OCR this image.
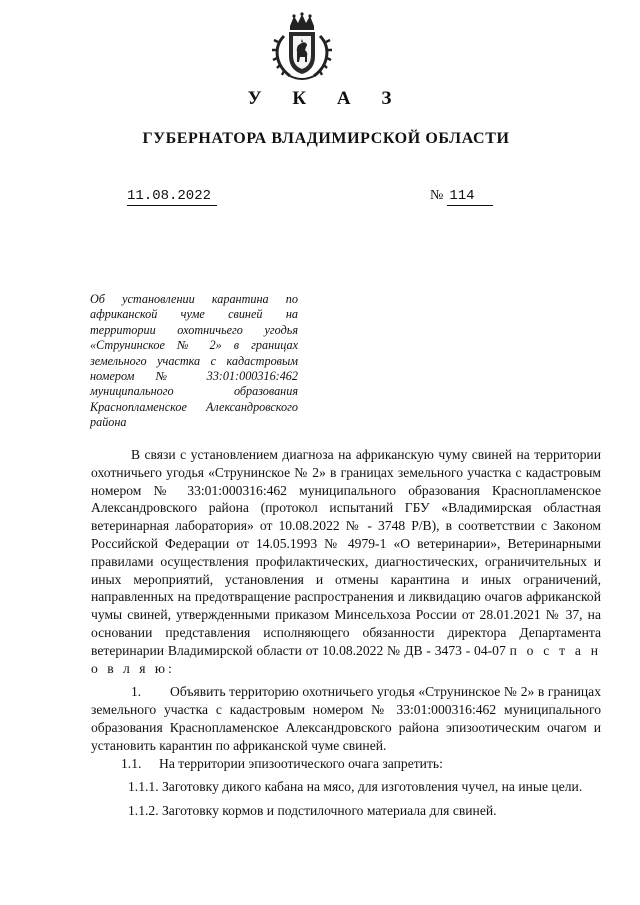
У К А З
ГУБЕРНАТОРА ВЛАДИМИРСКОЙ ОБЛАСТИ
11.08.2022	№ 114
Об установлении карантина по африканской чуме свиней на территории охотничьего угодья «Струнинское № 2» в границах земельного участка с кадастровым номером № 33:01:000316:462 муниципального образования Краснопламенское Александровского района

В связи с установлением диагноза на африканскую чуму свиней на территории охотничьего угодья «Струнинское № 2» в границах земельного участка с кадастровым номером № 33:01:000316:462 муниципального образования Краснопламенское Александровского района (протокол испытаний ГБУ «Владимирская областная ветеринарная лаборатория» от 10.08.2022 № - 3748 Р/В), в соответствии с Законом Российской Федерации от 14.05.1993 № 4979-1 «О ветеринарии», Ветеринарными правилами осуществления профилактических, диагностических, ограничительных и иных мероприятий, установления и отмены карантина и иных ограничений, направленных на предотвращение распространения и ликвидацию очагов африканской чумы свиней, утвержденными приказом Минсельхоза России от 28.01.2021 № 37, на основании представления исполняющего обязанности директора Департамента ветеринарии Владимирской области от 10.08.2022 № ДВ - 3473 - 04-07 п о с т а н о в л я ю:

1. Объявить территорию охотничьего угодья «Струнинское № 2» в границах земельного участка с кадастровым номером № 33:01:000316:462 муниципального образования Краснопламенское Александровского района эпизоотическим очагом и установить карантин по африканской чуме свиней.

1.1. На территории эпизоотического очага запретить:

1.1.1. Заготовку дикого кабана на мясо, для изготовления чучел, на иные цели.

1.1.2. Заготовку кормов и подстилочного материала для свиней.
